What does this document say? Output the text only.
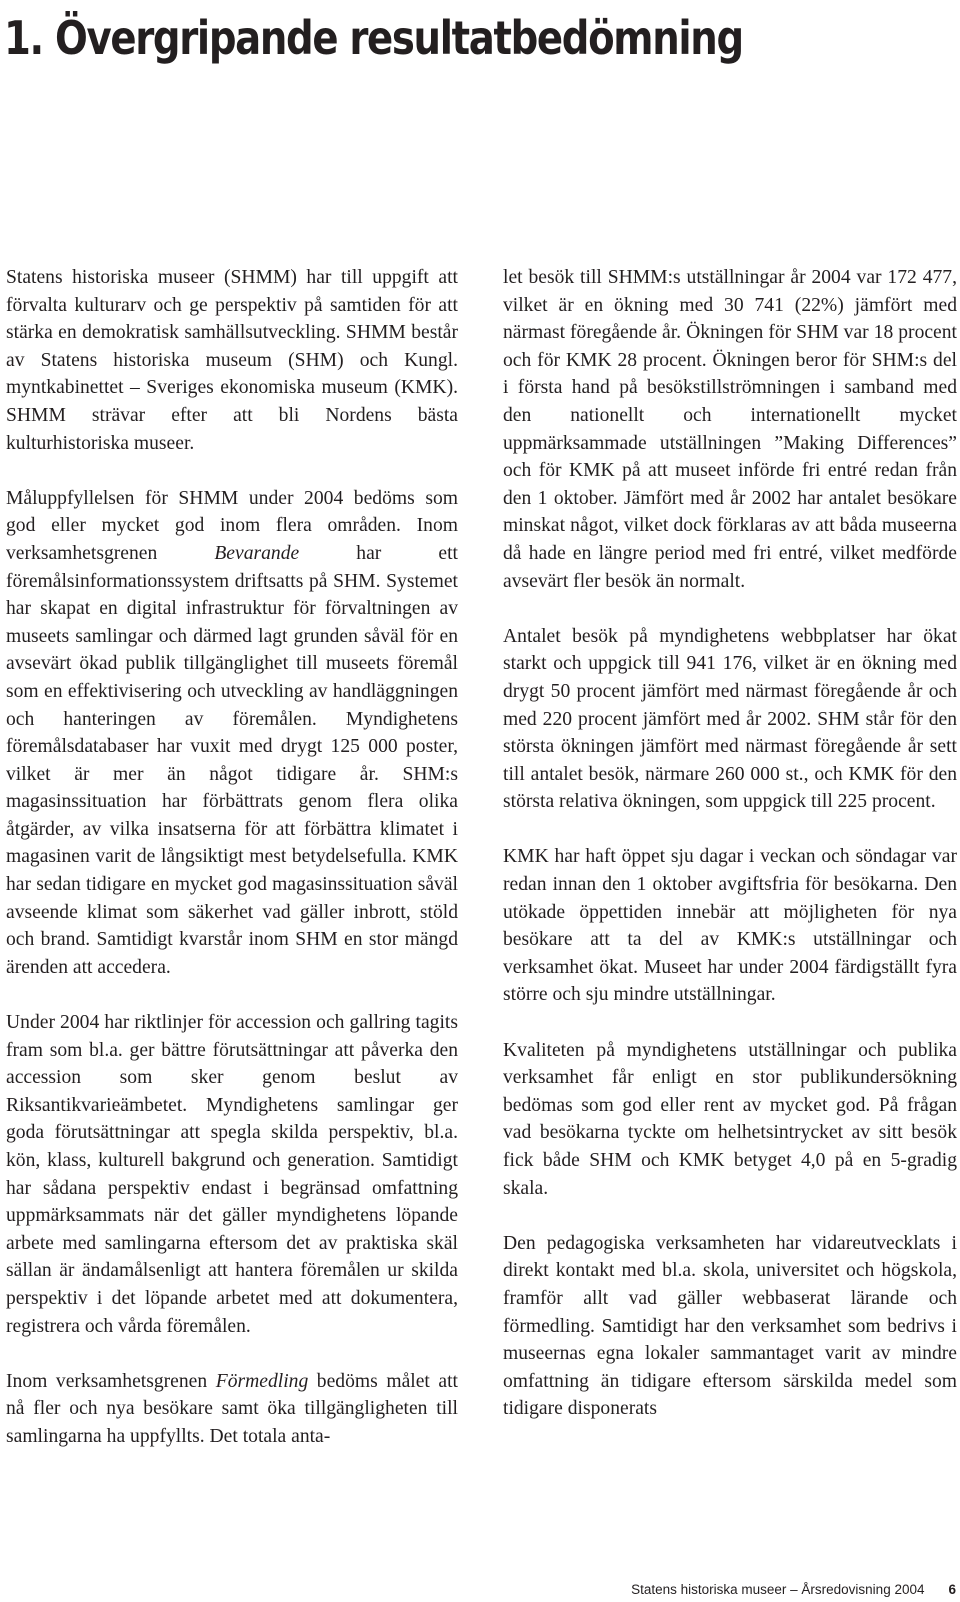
1. Övergripande resultatbedömning

Statens historiska museer (SHMM) har till uppgift att förvalta kulturarv och ge perspektiv på samtiden för att stärka en demokratisk samhällsutveckling. SHMM består av Statens historiska museum (SHM) och Kungl. myntkabinettet – Sveriges ekonomiska museum (KMK). SHMM strävar efter att bli Nordens bästa kulturhistoriska museer.

Måluppfyllelsen för SHMM under 2004 bedöms som god eller mycket god inom flera områden. Inom verksamhetsgrenen Bevarande har ett föremålsinformationssystem driftsatts på SHM. Systemet har skapat en digital infrastruktur för förvaltningen av museets samlingar och därmed lagt grunden såväl för en avsevärt ökad publik tillgänglighet till museets föremål som en effektivisering och utveckling av handläggningen och hanteringen av föremålen. Myndighetens föremålsdatabaser har vuxit med drygt 125 000 poster, vilket är mer än något tidigare år. SHM:s magasinssituation har förbättrats genom flera olika åtgärder, av vilka insatserna för att förbättra klimatet i magasinen varit de långsiktigt mest betydelsefulla. KMK har sedan tidigare en mycket god magasinssituation såväl avseende klimat som säkerhet vad gäller inbrott, stöld och brand. Samtidigt kvarstår inom SHM en stor mängd ärenden att accedera.

Under 2004 har riktlinjer för accession och gallring tagits fram som bl.a. ger bättre förutsättningar att påverka den accession som sker genom beslut av Riksantikvarieämbetet. Myndighetens samlingar ger goda förutsättningar att spegla skilda perspektiv, bl.a. kön, klass, kulturell bakgrund och generation. Samtidigt har sådana perspektiv endast i begränsad omfattning uppmärksammats när det gäller myndighetens löpande arbete med samlingarna eftersom det av praktiska skäl sällan är ändamålsenligt att hantera föremålen ur skilda perspektiv i det löpande arbetet med att dokumentera, registrera och vårda föremålen.

Inom verksamhetsgrenen Förmedling bedöms målet att nå fler och nya besökare samt öka tillgängligheten till samlingarna ha uppfyllts. Det totala anta-

let besök till SHMM:s utställningar år 2004 var 172 477, vilket är en ökning med 30 741 (22%) jämfört med närmast föregående år. Ökningen för SHM var 18 procent och för KMK 28 procent. Ökningen beror för SHM:s del i första hand på besökstillströmningen i samband med den nationellt och internationellt mycket uppmärksammade utställningen ”Making Differences” och för KMK på att museet införde fri entré redan från den 1 oktober. Jämfört med år 2002 har antalet besökare minskat något, vilket dock förklaras av att båda museerna då hade en längre period med fri entré, vilket medförde avsevärt fler besök än normalt.

Antalet besök på myndighetens webbplatser har ökat starkt och uppgick till 941 176, vilket är en ökning med drygt 50 procent jämfört med närmast föregående år och med 220 procent jämfört med år 2002. SHM står för den största ökningen jämfört med närmast föregående år sett till antalet besök, närmare 260 000 st., och KMK för den största relativa ökningen, som uppgick till 225 procent.

KMK har haft öppet sju dagar i veckan och söndagar var redan innan den 1 oktober avgiftsfria för besökarna. Den utökade öppettiden innebär att möjligheten för nya besökare att ta del av KMK:s utställningar och verksamhet ökat. Museet har under 2004 färdigställt fyra större och sju mindre utställningar.

Kvaliteten på myndighetens utställningar och publika verksamhet får enligt en stor publikundersökning bedömas som god eller rent av mycket god. På frågan vad besökarna tyckte om helhetsintrycket av sitt besök fick både SHM och KMK betyget 4,0 på en 5-gradig skala.

Den pedagogiska verksamheten har vidareutvecklats i direkt kontakt med bl.a. skola, universitet och högskola, framför allt vad gäller webbaserat lärande och förmedling. Samtidigt har den verksamhet som bedrivs i museernas egna lokaler sammantaget varit av mindre omfattning än tidigare eftersom särskilda medel som tidigare disponerats

Statens historiska museer – Årsredovisning 2004 6
